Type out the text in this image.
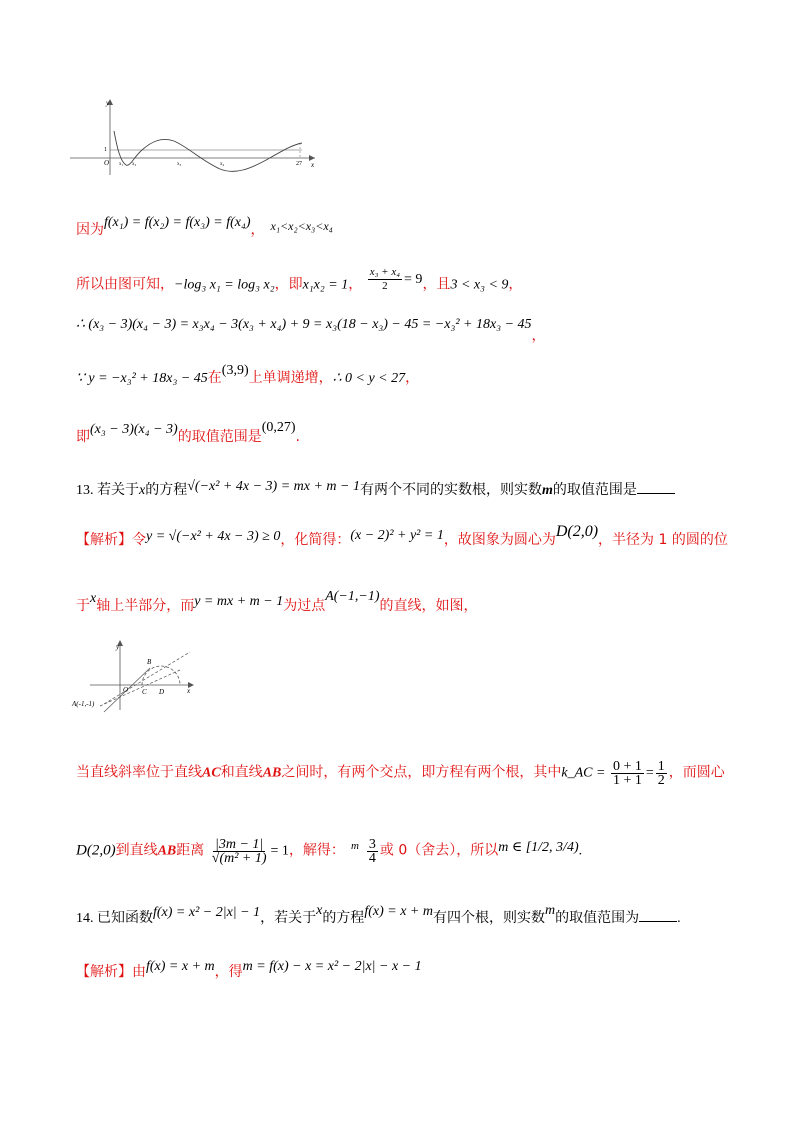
y
x
O
1
27
x₁ x₂	x₃	x₄
因为f(x₁) = f(x₂) = f(x₃) = f(x₄)， x₁<x₂<x₃<x₄
所以由图可知，−log₃ x₁ = log₃ x₂，即x₁x₂ = 1， $\frac{\text{x₃ + x₄}}{2} = 9$，且3 < x₃ < 9，
∴ (x₃ − 3)(x₄ − 3) = x₃x₄ − 3(x₃ + x₄) + 9 = x₃(18 − x₃) − 45 = −x₃² + 18x₃ − 45，
∵ y = −x₃² + 18x₃ − 45在(3,9)上单调递增，∴ 0 < y < 27，
即(x₃ − 3)(x₄ − 3)的取值范围是(0,27).
13. 若关于x的方程√(−x² + 4x − 3) = mx + m − 1有两个不同的实数根，则实数m的取值范围是
【解析】令y = √(−x² + 4x − 3) ≥ 0，化简得：(x − 2)² + y² = 1，故图象为圆心为D(2,0)，半径为 1 的圆的位
于x轴上半部分，而y = mx + m − 1为过点A(−1,−1)的直线，如图，
y
x
O
B
C D
A(-1,-1)
当直线斜率位于直线AC和直线AB之间时，有两个交点，即方程有两个根，其中k_AC = $\frac{0 + 1}{1 + 1} = \frac{1}{2}$ ，而圆心
D(2,0)到直线AB距离 $\frac{|3m - 1|}{\text{√(m² + 1)}} = 1$，解得： $^m \frac{3}{4}$ 或 0（舍去），所以m ∈ [1/2, 3/4).
14. 已知函数f(x) = x² − 2|x| − 1，若关于x的方程f(x) = x + m有四个根，则实数m的取值范围为	.
【解析】由f(x) = x + m，得m = f(x) − x = x² − 2|x| − x − 1
